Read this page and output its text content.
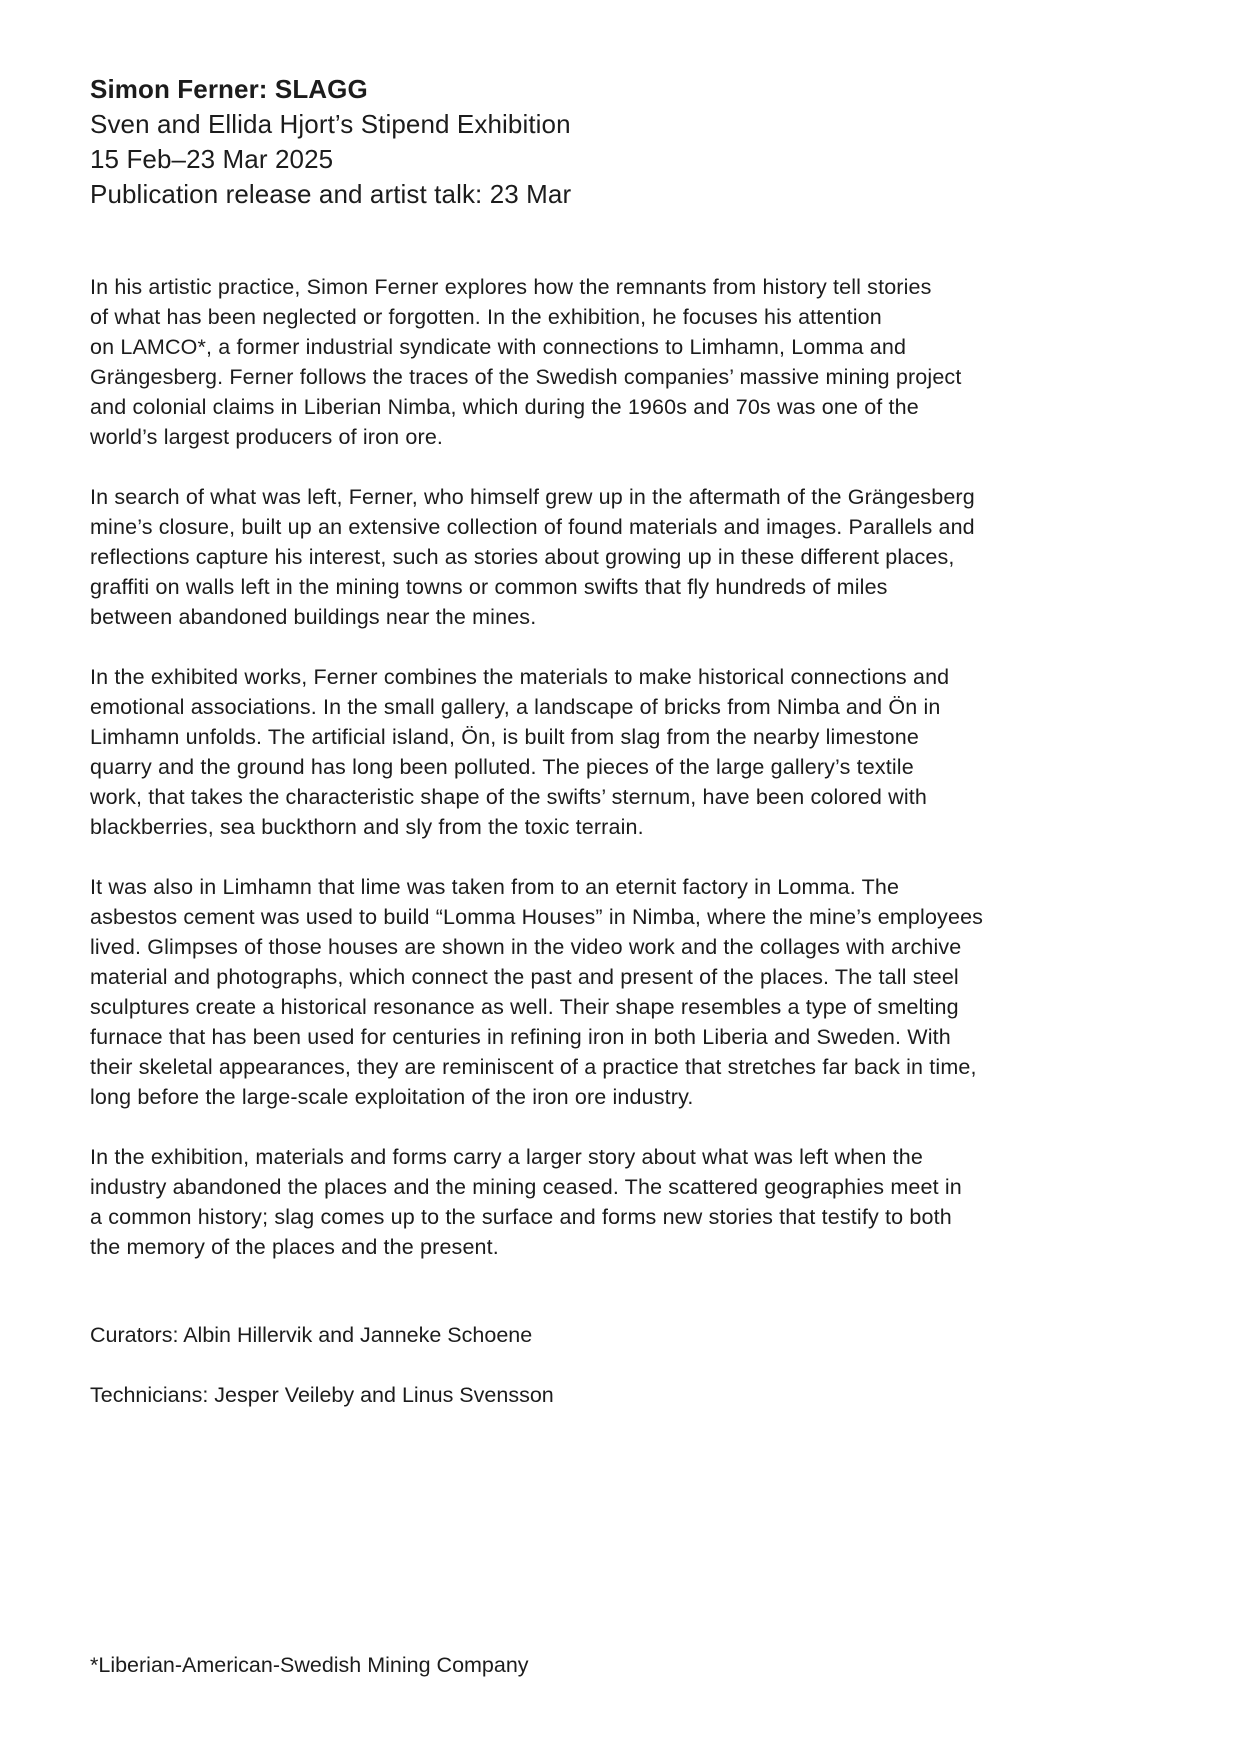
Simon Ferner: SLAGG
Sven and Ellida Hjort’s Stipend Exhibition
15 Feb–23 Mar 2025
Publication release and artist talk: 23 Mar

In his artistic practice, Simon Ferner explores how the remnants from history tell stories
of what has been neglected or forgotten. In the exhibition, he focuses his attention
on LAMCO*, a former industrial syndicate with connections to Limhamn, Lomma and
Grängesberg. Ferner follows the traces of the Swedish companies’ massive mining project
and colonial claims in Liberian Nimba, which during the 1960s and 70s was one of the
world’s largest producers of iron ore.

In search of what was left, Ferner, who himself grew up in the aftermath of the Grängesberg
mine’s closure, built up an extensive collection of found materials and images. Parallels and
reflections capture his interest, such as stories about growing up in these different places,
graffiti on walls left in the mining towns or common swifts that fly hundreds of miles
between abandoned buildings near the mines.

In the exhibited works, Ferner combines the materials to make historical connections and
emotional associations. In the small gallery, a landscape of bricks from Nimba and Ön in
Limhamn unfolds. The artificial island, Ön, is built from slag from the nearby limestone
quarry and the ground has long been polluted. The pieces of the large gallery’s textile
work, that takes the characteristic shape of the swifts’ sternum, have been colored with
blackberries, sea buckthorn and sly from the toxic terrain.

It was also in Limhamn that lime was taken from to an eternit factory in Lomma. The
asbestos cement was used to build “Lomma Houses” in Nimba, where the mine’s employees
lived. Glimpses of those houses are shown in the video work and the collages with archive
material and photographs, which connect the past and present of the places. The tall steel
sculptures create a historical resonance as well. Their shape resembles a type of smelting
furnace that has been used for centuries in refining iron in both Liberia and Sweden. With
their skeletal appearances, they are reminiscent of a practice that stretches far back in time,
long before the large-scale exploitation of the iron ore industry.

In the exhibition, materials and forms carry a larger story about what was left when the
industry abandoned the places and the mining ceased. The scattered geographies meet in
a common history; slag comes up to the surface and forms new stories that testify to both
the memory of the places and the present.

Curators: Albin Hillervik and Janneke Schoene
Technicians: Jesper Veileby and Linus Svensson
*Liberian-American-Swedish Mining Company
